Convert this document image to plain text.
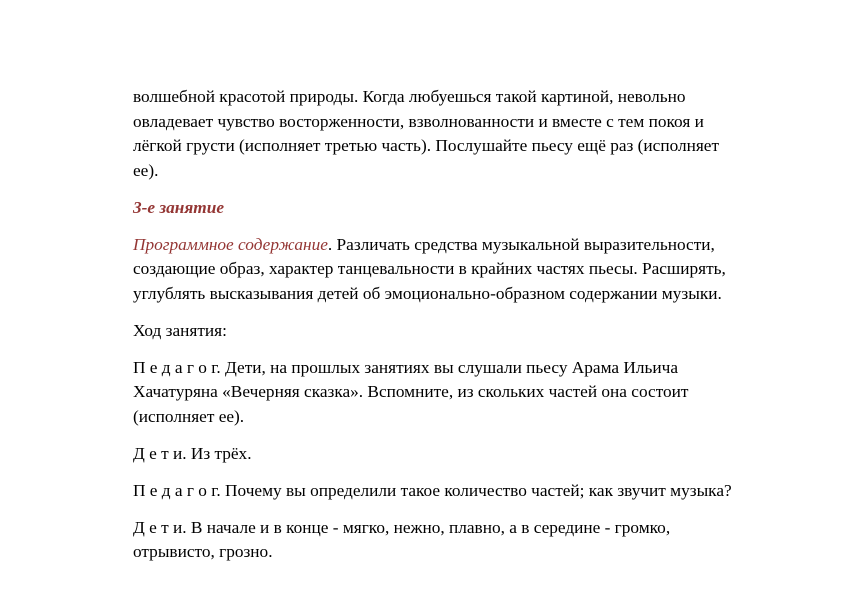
волшебной красотой природы. Когда любуешься такой картиной, невольно
овладевает чувство восторженности, взволнованности и вместе с тем покоя и
лёгкой грусти (исполняет третью часть). Послушайте пьесу ещё раз (исполняет
ее).

3-е занятие

Программное содержание. Различать средства музыкальной выразительности,
создающие образ, характер танцевальности в крайних частях пьесы. Расширять,
углублять высказывания детей об эмоционально-образном содержании музыки.

Ход занятия:

П е д а г о г. Дети, на прошлых занятиях вы слушали пьесу Арама Ильича
Хачатуряна «Вечерняя сказка». Вспомните, из скольких частей она состоит
(исполняет ее).

Д е т и. Из трёх.

П е д а г о г. Почему вы определили такое количество частей; как звучит музыка?

Д е т и. В начале и в конце - мягко, нежно, плавно, а в середине - громко,
отрывисто, грозно.
